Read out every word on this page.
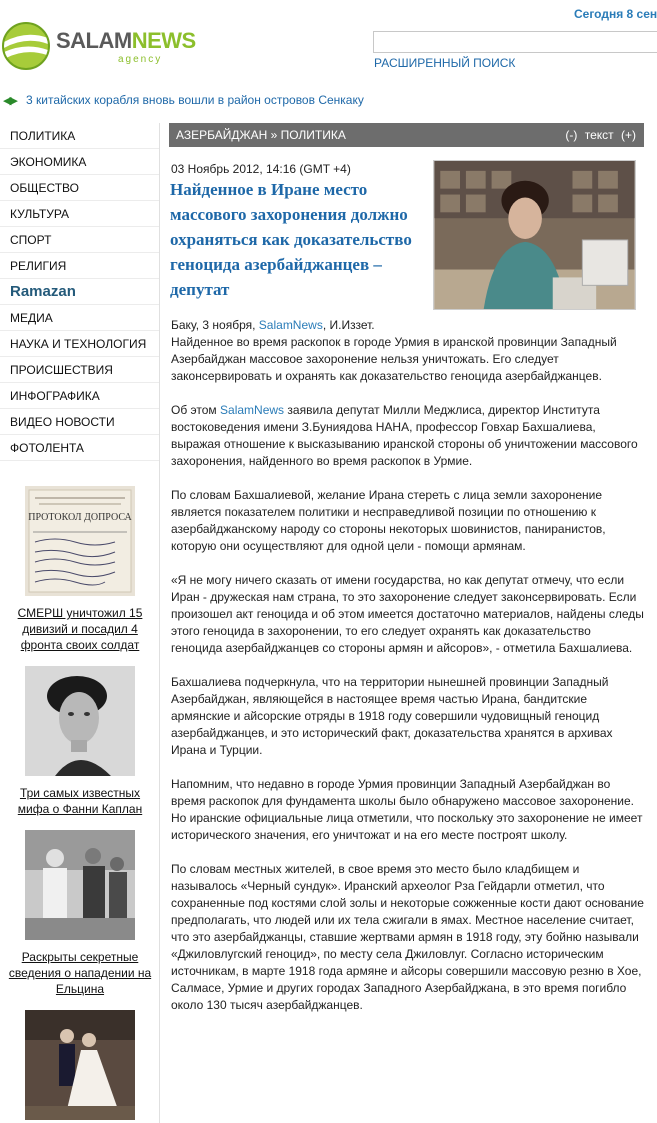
SALAMNEWS
agency
Сегодня 8 сен
РАСШИРЕННЫЙ ПОИСК
◀▶ 3 китайских корабля вновь вошли в район островов Сенкаку
ПОЛИТИКА
ЭКОНОМИКА
ОБЩЕСТВО
КУЛЬТУРА
СПОРТ
РЕЛИГИЯ
Ramazan
МЕДИА
НАУКА И ТЕХНОЛОГИЯ
ПРОИСШЕСТВИЯ
ИНФОГРАФИКА
ВИДЕО НОВОСТИ
ФОТОЛЕНТА
ПРОТОКОЛ ДОПРОСА
СМЕРШ уничтожил 15 дивизий и посадил 4 фронта своих солдат
Три самых известных мифа о Фанни Каплан
Раскрыты секретные сведения о нападении на Ельцина
АЗЕРБАЙДЖАН » ПОЛИТИКА	(-) текст (+)
03 Ноябрь 2012, 14:16 (GMT +4)
Найденное в Иране место массового захоронения должно охраняться как доказательство геноцида азербайджанцев – депутат

Баку, 3 ноября, SalamNews, И.Иззет.

Найденное во время раскопок в городе Урмия в иранской провинции Западный Азербайджан массовое захоронение нельзя уничтожать. Его следует законсервировать и охранять как доказательство геноцида азербайджанцев.

Об этом SalamNews заявила депутат Милли Меджлиса, директор Института востоковедения имени З.Буниядова НАНА, профессор Говхар Бахшалиева, выражая отношение к высказыванию иранской стороны об уничтожении массового захоронения, найденного во время раскопок в Урмие.

По словам Бахшалиевой, желание Ирана стереть с лица земли захоронение является показателем политики и несправедливой позиции по отношению к азербайджанскому народу со стороны некоторых шовинистов, панираниcтов, которую они осуществляют для одной цели - помощи армянам.

«Я не могу ничего сказать от имени государства, но как депутат отмечу, что если Иран - дружеская нам страна, то это захоронение следует законсервировать. Если произошел акт геноцида и об этом имеется достаточно материалов, найдены следы этого геноцида в захоронении, то его следует охранять как доказательство геноцида азербайджанцев со стороны армян и айсоров», - отметила Бахшалиева.

Бахшалиева подчеркнула, что на территории нынешней провинции Западный Азербайджан, являющейся в настоящее время частью Ирана, бандитские армянские и айсорские отряды в 1918 году совершили чудовищный геноцид азербайджанцев, и это исторический факт, доказательства хранятся в архивах Ирана и Турции.

Напомним, что недавно в городе Урмия провинции Западный Азербайджан во время раскопок для фундамента школы было обнаружено массовое захоронение. Но иранские официальные лица отметили, что поскольку это захоронение не имеет исторического значения, его уничтожат и на его месте построят школу.

По словам местных жителей, в свое время это место было кладбищем и называлось «Черный сундук». Иранский археолог Рза Гейдарли отметил, что сохраненные под костями слой золы и некоторые сожженные кости дают основание предполагать, что людей или их тела сжигали в ямах. Местное население считает, что это азербайджанцы, ставшие жертвами армян в 1918 году, эту бойню называли «Джиловлугский геноцид», по месту села Джиловлуг. Согласно историческим источникам, в марте 1918 года армяне и айсоры совершили массовую резню в Хое, Салмасе, Урмие и других городах Западного Азербайджана, в это время погибло около 130 тысяч азербайджанцев.
